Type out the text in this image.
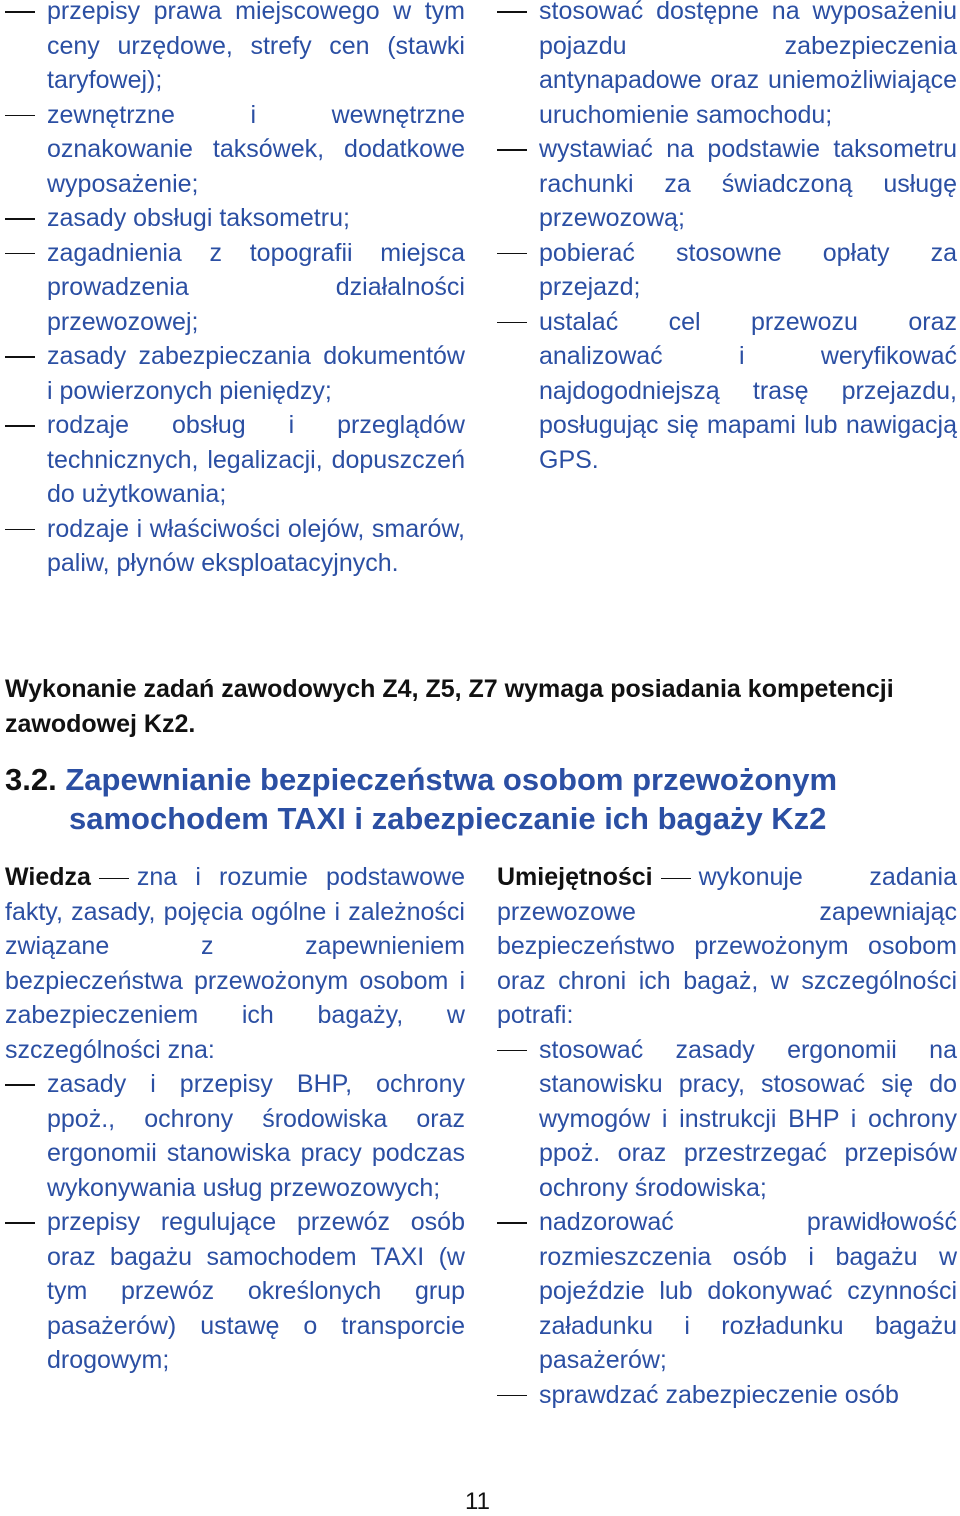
przepisy prawa miejscowego w tym ceny urzędowe, strefy cen (stawki taryfowej);
zewnętrzne i wewnętrzne oznakowanie taksówek, dodatkowe wyposażenie;
zasady obsługi taksometru;
zagadnienia z topografii miejsca prowadzenia działalności przewozowej;
zasady zabezpieczania dokumentów i powierzonych pieniędzy;
rodzaje obsług i przeglądów technicznych, legalizacji, dopuszczeń do użytkowania;
rodzaje i właściwości olejów, smarów, paliw, płynów eksploatacyjnych.
stosować dostępne na wyposażeniu pojazdu zabezpieczenia antynapadowe oraz uniemożliwiające uruchomienie samochodu;
wystawiać na podstawie taksometru rachunki za świadczoną usługę przewozową;
pobierać stosowne opłaty za przejazd;
ustalać cel przewozu oraz analizować i weryfikować najdogodniejszą trasę przejazdu, posługując się mapami lub nawigacją GPS.
Wykonanie zadań zawodowych Z4, Z5, Z7 wymaga posiadania kompetencji zawodowej Kz2.
3.2. Zapewnianie bezpieczeństwa osobom przewożonym
samochodem TAXI i zabezpieczanie ich bagaży Kz2

Wiedza zna i rozumie podstawowe fakty, zasady, pojęcia ogólne i zależności związane z zapewnieniem bezpieczeństwa przewożonym osobom i zabezpieczeniem ich bagaży, w szczególności zna:

zasady i przepisy BHP, ochrony ppoż., ochrony środowiska oraz ergonomii stanowiska pracy podczas wykonywania usług przewozowych;
przepisy regulujące przewóz osób oraz bagażu samochodem TAXI (w tym przewóz określonych grup pasażerów) ustawę o transporcie drogowym;

Umiejętności wykonuje zadania przewozowe zapewniając bezpieczeństwo przewożonym osobom oraz chroni ich bagaż, w szczególności potrafi:

stosować zasady ergonomii na stanowisku pracy, stosować się do wymogów i instrukcji BHP i ochrony ppoż. oraz przestrzegać przepisów ochrony środowiska;
nadzorować prawidłowość rozmieszczenia osób i bagażu w pojeździe lub dokonywać czynności załadunku i rozładunku bagażu pasażerów;
sprawdzać zabezpieczenie osób
11
